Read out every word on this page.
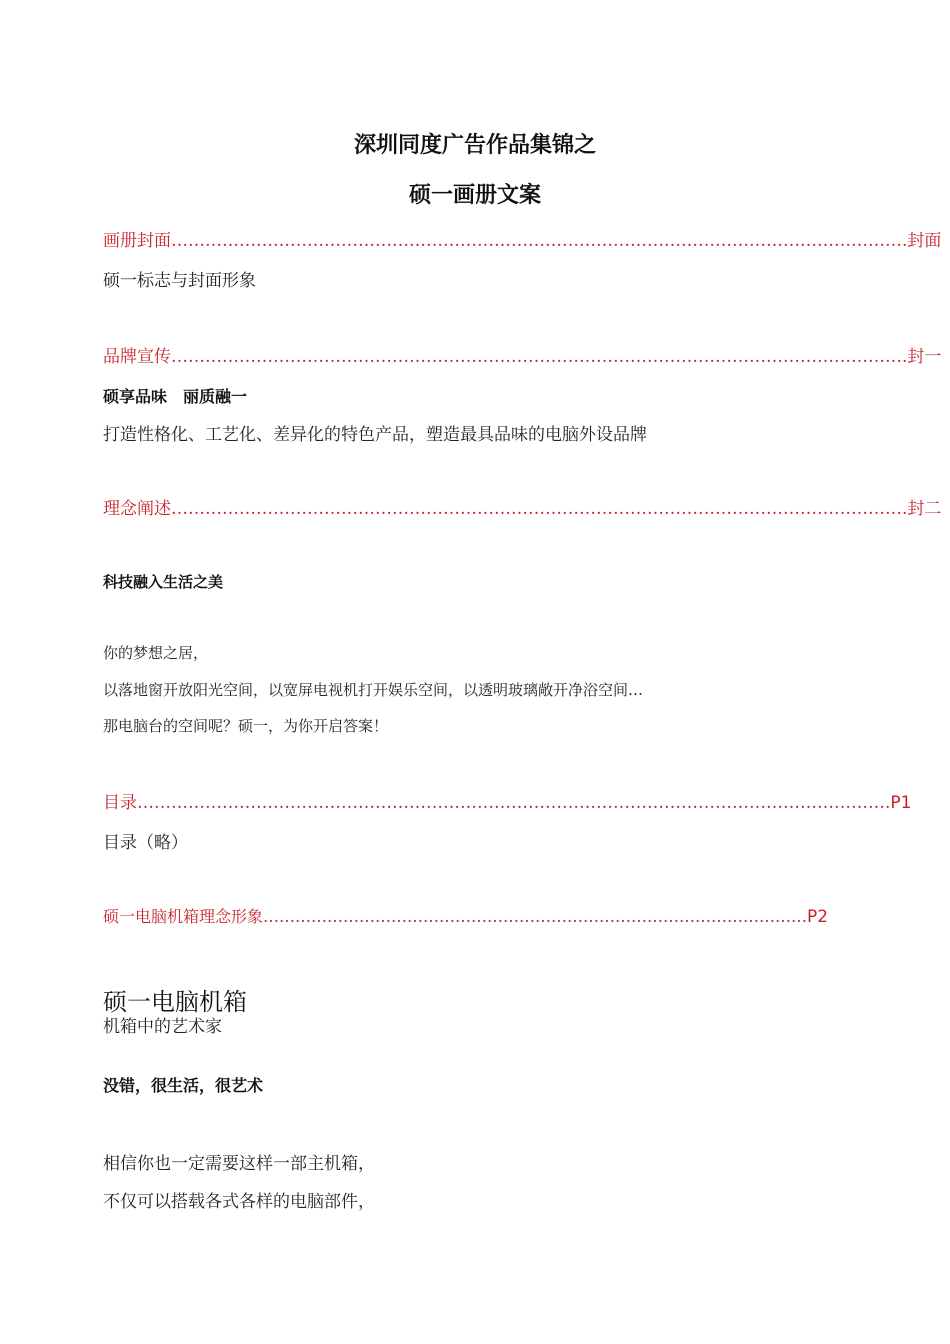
深圳同度广告作品集锦之
硕一画册文案
画册封面 ………………………………………………………………………………………………………………… .封面
硕一标志与封面形象
品牌宣传 ………………………………………………………………………………………………………………… .封一
硕享品味　丽质融一
打造性格化、工艺化、差异化的特色产品，塑造最具品味的电脑外设品牌
理念阐述 ………………………………………………………………………………………………………………… .封二
科技融入生活之美
你的梦想之居，
以落地窗开放阳光空间，以宽屏电视机打开娱乐空间，以透明玻璃敞开净浴空间…
那电脑台的空间呢？硕一，为你开启答案！
目录 …………………………………………………………………………………………………………………… .P1
目录（略）
硕一电脑机箱理念形象 ………………………………………………………………………………………… P2
硕一电脑机箱
机箱中的艺术家
没错，很生活，很艺术
相信你也一定需要这样一部主机箱，
不仅可以搭载各式各样的电脑部件，
